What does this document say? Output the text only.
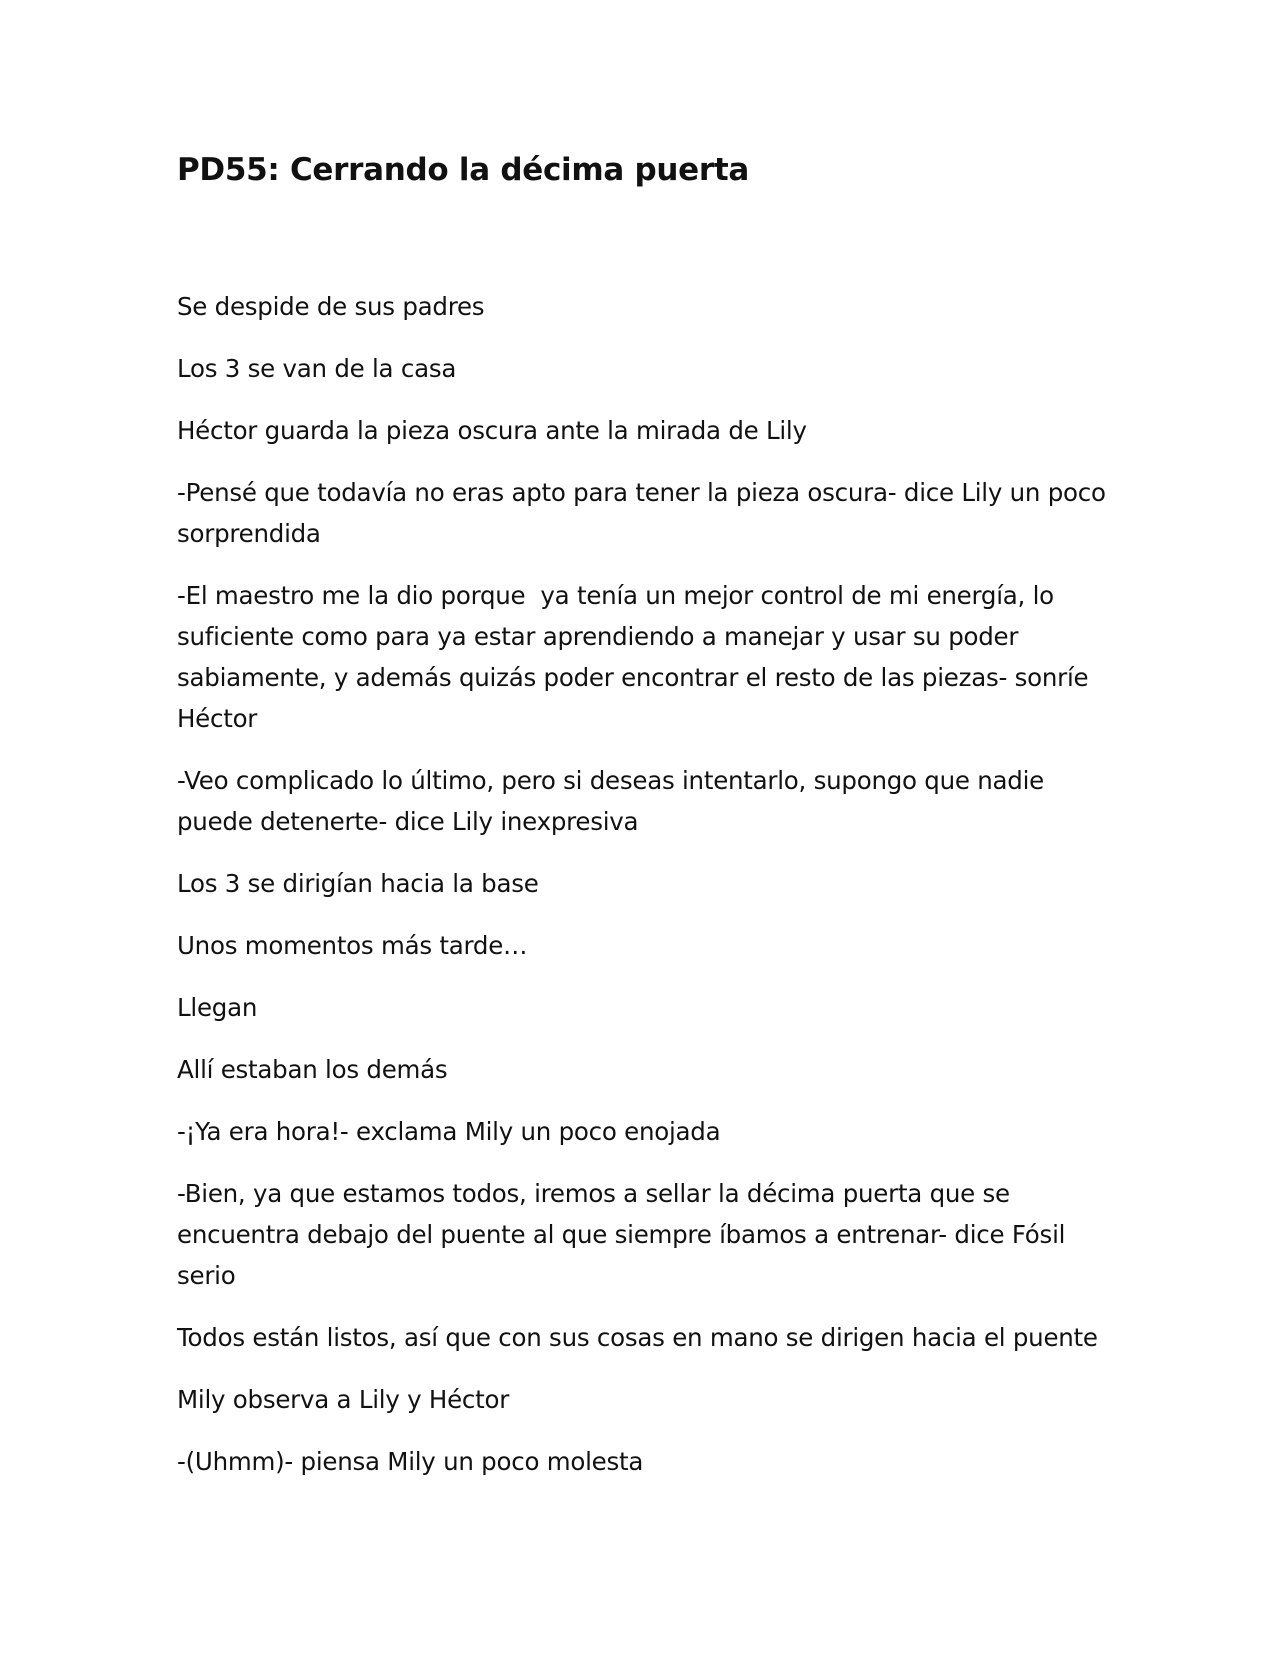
PD55: Cerrando la décima puerta

Se despide de sus padres

Los 3 se van de la casa

Héctor guarda la pieza oscura ante la mirada de Lily

-Pensé que todavía no eras apto para tener la pieza oscura- dice Lily un poco sorprendida

-El maestro me la dio porque  ya tenía un mejor control de mi energía, lo suficiente como para ya estar aprendiendo a manejar y usar su poder sabiamente, y además quizás poder encontrar el resto de las piezas- sonríe Héctor

-Veo complicado lo último, pero si deseas intentarlo, supongo que nadie puede detenerte- dice Lily inexpresiva

Los 3 se dirigían hacia la base

Unos momentos más tarde…

Llegan

Allí estaban los demás

-¡Ya era hora!- exclama Mily un poco enojada

-Bien, ya que estamos todos, iremos a sellar la décima puerta que se encuentra debajo del puente al que siempre íbamos a entrenar- dice Fósil serio

Todos están listos, así que con sus cosas en mano se dirigen hacia el puente

Mily observa a Lily y Héctor

-(Uhmm)- piensa Mily un poco molesta
